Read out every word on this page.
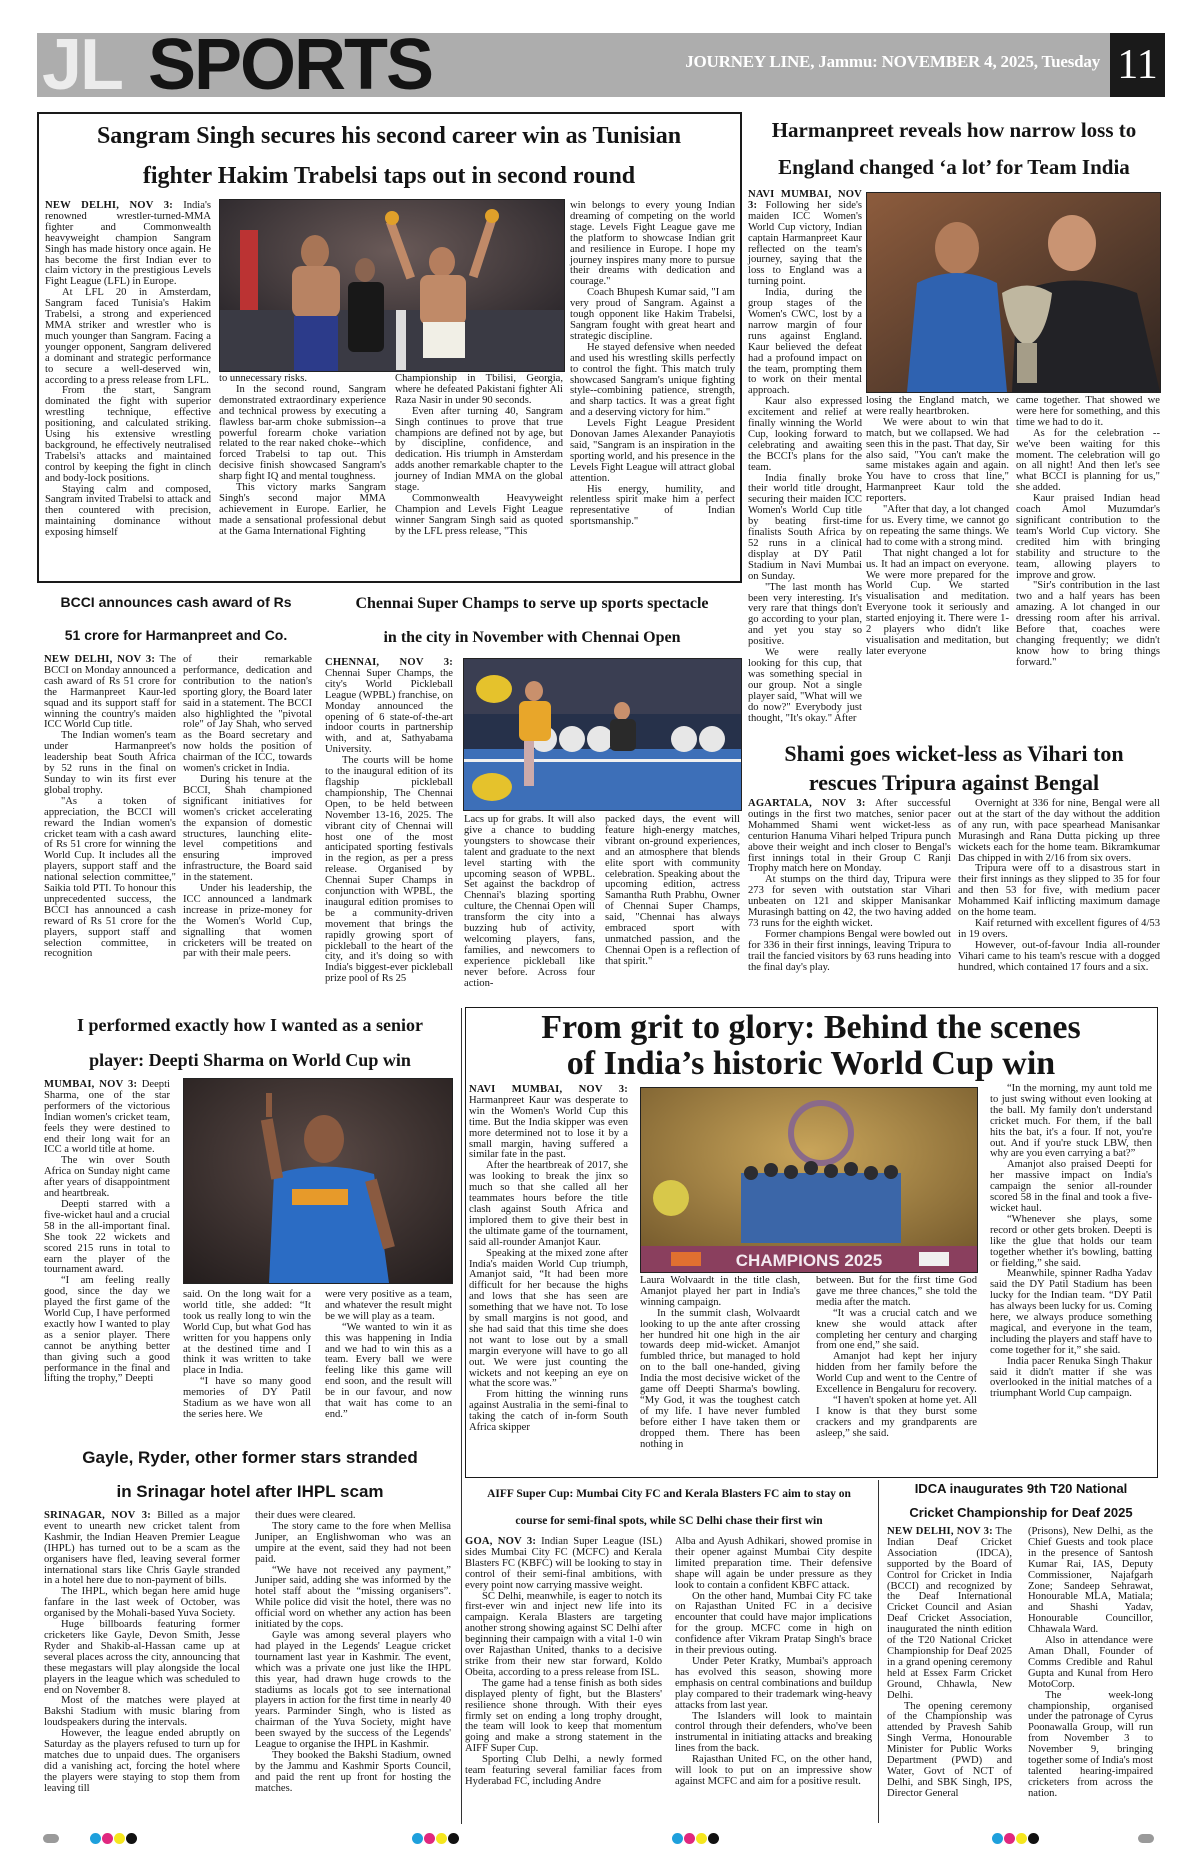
JL SPORTS	JOURNEY LINE, Jammu: NOVEMBER 4, 2025, Tuesday 11
Sangram Singh secures his second career win as Tunisian
fighter Hakim Trabelsi taps out in second round

NEW DELHI, NOV 3: India's renowned wrestler-turned-MMA fighter and Commonwealth heavyweight champion Sangram Singh has made history once again. He has become the first Indian ever to claim victory in the prestigious Levels Fight League (LFL) in Europe.

At LFL 20 in Amsterdam, Sangram faced Tunisia's Hakim Trabelsi, a strong and experienced MMA striker and wrestler who is much younger than Sangram. Facing a younger opponent, Sangram delivered a dominant and strategic performance to secure a well-deserved win, according to a press release from LFL.

From the start, Sangram dominated the fight with superior wrestling technique, effective positioning, and calculated striking. Using his extensive wrestling background, he effectively neutralised Trabelsi's attacks and maintained control by keeping the fight in clinch and body-lock positions.

Staying calm and composed, Sangram invited Trabelsi to attack and then countered with precision, maintaining dominance without exposing himself

to unnecessary risks.

In the second round, Sangram demonstrated extraordinary experience and technical prowess by executing a flawless bar-arm choke submission--a powerful forearm choke variation related to the rear naked choke--which forced Trabelsi to tap out. This decisive finish showcased Sangram's sharp fight IQ and mental toughness.

This victory marks Sangram Singh's second major MMA achievement in Europe. Earlier, he made a sensational professional debut at the Gama International Fighting

Championship in Tbilisi, Georgia, where he defeated Pakistani fighter Ali Raza Nasir in under 90 seconds.

Even after turning 40, Sangram Singh continues to prove that true champions are defined not by age, but by discipline, confidence, and dedication. His triumph in Amsterdam adds another remarkable chapter to the journey of Indian MMA on the global stage.

Commonwealth Heavyweight Champion and Levels Fight League winner Sangram Singh said as quoted by the LFL press release, "This

win belongs to every young Indian dreaming of competing on the world stage. Levels Fight League gave me the platform to showcase Indian grit and resilience in Europe. I hope my journey inspires many more to pursue their dreams with dedication and courage."

Coach Bhupesh Kumar said, "I am very proud of Sangram. Against a tough opponent like Hakim Trabelsi, Sangram fought with great heart and strategic discipline.

He stayed defensive when needed and used his wrestling skills perfectly to control the fight. This match truly showcased Sangram's unique fighting style--combining patience, strength, and sharp tactics. It was a great fight and a deserving victory for him."

Levels Fight League President Donovan James Alexander Panayiotis said, "Sangram is an inspiration in the sporting world, and his presence in the Levels Fight League will attract global attention.

His energy, humility, and relentless spirit make him a perfect representative of Indian sportsmanship."

Harmanpreet reveals how narrow loss to
England changed ‘a lot’ for Team India

NAVI MUMBAI, NOV 3: Following her side's maiden ICC Women's World Cup victory, Indian captain Harmanpreet Kaur reflected on the team's journey, saying that the loss to England was a turning point.

India, during the group stages of the Women's CWC, lost by a narrow margin of four runs against England. Kaur believed the defeat had a profound impact on the team, prompting them to work on their mental approach.

Kaur also expressed excitement and relief at finally winning the World Cup, looking forward to celebrating and awaiting the BCCI's plans for the team.

India finally broke their world title drought, securing their maiden ICC Women's World Cup title by beating first-time finalists South Africa by 52 runs in a clinical display at DY Patil Stadium in Navi Mumbai on Sunday.

"The last month has been very interesting. It's very rare that things don't go according to your plan, and yet you stay so positive.

We were really looking for this cup, that was something special in our group. Not a single player said, "What will we do now?" Everybody just thought, "It's okay." After

losing the England match, we were really heartbroken.

We were about to win that match, but we collapsed. We had seen this in the past. That day, Sir also said, "You can't make the same mistakes again and again. You have to cross that line," Harmanpreet Kaur told the reporters.

"After that day, a lot changed for us. Every time, we cannot go on repeating the same things. We had to come with a strong mind.

That night changed a lot for us. It had an impact on everyone. We were more prepared for the World Cup. We started visualisation and meditation. Everyone took it seriously and started enjoying it. There were 1-2 players who didn't like visualisation and meditation, but later everyone

came together. That showed we were here for something, and this time we had to do it.

As for the celebration -- we've been waiting for this moment. The celebration will go on all night! And then let's see what BCCI is planning for us," she added.

Kaur praised Indian head coach Amol Muzumdar's significant contribution to the team's World Cup victory. She credited him with bringing stability and structure to the team, allowing players to improve and grow.

"Sir's contribution in the last two and a half years has been amazing. A lot changed in our dressing room after his arrival. Before that, coaches were changing frequently; we didn't know how to bring things forward."

BCCI announces cash award of Rs
51 crore for Harmanpreet and Co.

NEW DELHI, NOV 3: The BCCI on Monday announced a cash award of Rs 51 crore for the Harmanpreet Kaur-led squad and its support staff for winning the country's maiden ICC World Cup title.

The Indian women's team under Harmanpreet's leadership beat South Africa by 52 runs in the final on Sunday to win its first ever global trophy.

"As a token of appreciation, the BCCI will reward the Indian women's cricket team with a cash award of Rs 51 crore for winning the World Cup. It includes all the players, support staff and the national selection committee," Saikia told PTI. To honour this unprecedented success, the BCCI has announced a cash reward of Rs 51 crore for the players, support staff and selection committee, in recognition

of their remarkable performance, dedication and contribution to the nation's sporting glory, the Board later said in a statement. The BCCI also highlighted the "pivotal role" of Jay Shah, who served as the Board secretary and now holds the position of chairman of the ICC, towards women's cricket in India.

During his tenure at the BCCI, Shah championed significant initiatives for women's cricket accelerating the expansion of domestic structures, launching elite-level competitions and ensuring improved infrastructure, the Board said in the statement.

Under his leadership, the ICC announced a landmark increase in prize-money for the Women's World Cup, signalling that women cricketers will be treated on par with their male peers.

Chennai Super Champs to serve up sports spectacle
in the city in November with Chennai Open

CHENNAI, NOV 3: Chennai Super Champs, the city's World Pickleball League (WPBL) franchise, on Monday announced the opening of 6 state-of-the-art indoor courts in partnership with, and at, Sathyabama University.

The courts will be home to the inaugural edition of its flagship pickleball championship, The Chennai Open, to be held between November 13-16, 2025. The vibrant city of Chennai will host one of the most anticipated sporting festivals in the region, as per a press release. Organised by Chennai Super Champs in conjunction with WPBL, the inaugural edition promises to be a community-driven movement that brings the rapidly growing sport of pickleball to the heart of the city, and it's doing so with India's biggest-ever pickleball prize pool of Rs 25

Lacs up for grabs. It will also give a chance to budding youngsters to showcase their talent and graduate to the next level starting with the upcoming season of WPBL. Set against the backdrop of Chennai's blazing sporting culture, the Chennai Open will transform the city into a buzzing hub of activity, welcoming players, fans, families, and newcomers to experience pickleball like never before. Across four action-

packed days, the event will feature high-energy matches, vibrant on-ground experiences, and an atmosphere that blends elite sport with community celebration. Speaking about the upcoming edition, actress Samantha Ruth Prabhu, Owner of Chennai Super Champs, said, "Chennai has always embraced sport with unmatched passion, and the Chennai Open is a reflection of that spirit."

Shami goes wicket-less as Vihari ton
rescues Tripura against Bengal

AGARTALA, NOV 3: After successful outings in the first two matches, senior pacer Mohammed Shami went wicket-less as centurion Hanuma Vihari helped Tripura punch above their weight and inch closer to Bengal's first innings total in their Group C Ranji Trophy match here on Monday.

At stumps on the third day, Tripura were 273 for seven with outstation star Vihari unbeaten on 121 and skipper Manisankar Murasingh batting on 42, the two having added 73 runs for the eighth wicket.

Former champions Bengal were bowled out for 336 in their first innings, leaving Tripura to trail the fancied visitors by 63 runs heading into the final day's play.

Overnight at 336 for nine, Bengal were all out at the start of the day without the addition of any run, with pace spearhead Manisankar Murasingh and Rana Dutta picking up three wickets each for the home team. Bikramkumar Das chipped in with 2/16 from six overs.

Tripura were off to a disastrous start in their first innings as they slipped to 35 for four and then 53 for five, with medium pacer Mohammed Kaif inflicting maximum damage on the home team.

Kaif returned with excellent figures of 4/53 in 19 overs.

However, out-of-favour India all-rounder Vihari came to his team's rescue with a dogged hundred, which contained 17 fours and a six.

I performed exactly how I wanted as a senior
player: Deepti Sharma on World Cup win

MUMBAI, NOV 3: Deepti Sharma, one of the star performers of the victorious Indian women's cricket team, feels they were destined to end their long wait for an ICC a world title at home.

The win over South Africa on Sunday night came after years of disappointment and heartbreak.

Deepti starred with a five-wicket haul and a crucial 58 in the all-important final. She took 22 wickets and scored 215 runs in total to earn the player of the tournament award.

“I am feeling really good, since the day we played the first game of the World Cup, I have performed exactly how I wanted to play as a senior player. There cannot be anything better than giving such a good performance in the final and lifting the trophy,” Deepti

said. On the long wait for a world title, she added: “It took us really long to win the World Cup, but what God has written for you happens only at the destined time and I think it was written to take place in India.

“I have so many good memories of DY Patil Stadium as we have won all the series here. We

were very positive as a team, and whatever the result might be we will play as a team.

“We wanted to win it as this was happening in India and we had to win this as a team. Every ball we were feeling like this game will end soon, and the result will be in our favour, and now that wait has come to an end.”

From grit to glory: Behind the scenes
of India’s historic World Cup win

NAVI MUMBAI, NOV 3: Harmanpreet Kaur was desperate to win the Women's World Cup this time. But the India skipper was even more determined not to lose it by a small margin, having suffered a similar fate in the past.

After the heartbreak of 2017, she was looking to break the jinx so much so that she called all her teammates hours before the title clash against South Africa and implored them to give their best in the ultimate game of the tournament, said all-rounder Amanjot Kaur.

Speaking at the mixed zone after India's maiden World Cup triumph, Amanjot said, “It had been more difficult for her because the highs and lows that she has seen are something that we have not. To lose by small margins is not good, and she had said that this time she does not want to lose out by a small margin everyone will have to go all out. We were just counting the wickets and not keeping an eye on what the score was.”

From hitting the winning runs against Australia in the semi-final to taking the catch of in-form South Africa skipper

CHAMPIONS 2025

Laura Wolvaardt in the title clash, Amanjot played her part in India's winning campaign.

In the summit clash, Wolvaardt looking to up the ante after crossing her hundred hit one high in the air towards deep mid-wicket. Amanjot fumbled thrice, but managed to hold on to the ball one-handed, giving India the most decisive wicket of the game off Deepti Sharma's bowling. “My God, it was the toughest catch of my life. I have never fumbled before either I have taken them or dropped them. There has been nothing in

between. But for the first time God gave me three chances,” she told the media after the match.

“It was a crucial catch and we knew she would attack after completing her century and charging from one end,” she said.

Amanjot had kept her injury hidden from her family before the World Cup and went to the Centre of Excellence in Bengaluru for recovery.

“I haven't spoken at home yet. All I know is that they burst some crackers and my grandparents are asleep,” she said.

“In the morning, my aunt told me to just swing without even looking at the ball. My family don't understand cricket much. For them, if the ball hits the bat, it's a four. If not, you're out. And if you're stuck LBW, then why are you even carrying a bat?”

Amanjot also praised Deepti for her massive impact on India's campaign the senior all-rounder scored 58 in the final and took a five-wicket haul.

“Whenever she plays, some record or other gets broken. Deepti is like the glue that holds our team together whether it's bowling, batting or fielding,” she said.

Meanwhile, spinner Radha Yadav said the DY Patil Stadium has been lucky for the Indian team. “DY Patil has always been lucky for us. Coming here, we always produce something magical, and everyone in the team, including the players and staff have to come together for it,” she said.

India pacer Renuka Singh Thakur said it didn't matter if she was overlooked in the initial matches of a triumphant World Cup campaign.

Gayle, Ryder, other former stars stranded
in Srinagar hotel after IHPL scam

SRINAGAR, NOV 3: Billed as a major event to unearth new cricket talent from Kashmir, the Indian Heaven Premier League (IHPL) has turned out to be a scam as the organisers have fled, leaving several former international stars like Chris Gayle stranded in a hotel here due to non-payment of bills.

The IHPL, which began here amid huge fanfare in the last week of October, was organised by the Mohali-based Yuva Society.

Huge billboards featuring former cricketers like Gayle, Devon Smith, Jesse Ryder and Shakib-al-Hassan came up at several places across the city, announcing that these megastars will play alongside the local players in the league which was scheduled to end on November 8.

Most of the matches were played at Bakshi Stadium with music blaring from loudspeakers during the intervals.

However, the league ended abruptly on Saturday as the players refused to turn up for matches due to unpaid dues. The organisers did a vanishing act, forcing the hotel where the players were staying to stop them from leaving till

their dues were cleared.

The story came to the fore when Mellisa Juniper, an Englishwoman who was an umpire at the event, said they had not been paid.

“We have not received any payment,” Juniper said, adding she was informed by the hotel staff about the “missing organisers”. While police did visit the hotel, there was no official word on whether any action has been initiated by the cops.

Gayle was among several players who had played in the Legends' League cricket tournament last year in Kashmir. The event, which was a private one just like the IHPL this year, had drawn huge crowds to the stadiums as locals got to see international players in action for the first time in nearly 40 years. Parminder Singh, who is listed as chairman of the Yuva Society, might have been swayed by the success of the Legends' League to organise the IHPL in Kashmir.

They booked the Bakshi Stadium, owned by the Jammu and Kashmir Sports Council, and paid the rent up front for hosting the matches.

AIFF Super Cup: Mumbai City FC and Kerala Blasters FC aim to stay on
course for semi-final spots, while SC Delhi chase their first win

GOA, NOV 3: Indian Super League (ISL) sides Mumbai City FC (MCFC) and Kerala Blasters FC (KBFC) will be looking to stay in control of their semi-final ambitions, with every point now carrying massive weight.

SC Delhi, meanwhile, is eager to notch its first-ever win and inject new life into its campaign. Kerala Blasters are targeting another strong showing against SC Delhi after beginning their campaign with a vital 1-0 win over Rajasthan United, thanks to a decisive strike from their new star forward, Koldo Obeita, according to a press release from ISL.

The game had a tense finish as both sides displayed plenty of fight, but the Blasters' resilience shone through. With their eyes firmly set on ending a long trophy drought, the team will look to keep that momentum going and make a strong statement in the AIFF Super Cup.

Sporting Club Delhi, a newly formed team featuring several familiar faces from Hyderabad FC, including Andre

Alba and Ayush Adhikari, showed promise in their opener against Mumbai City despite limited preparation time. Their defensive shape will again be under pressure as they look to contain a confident KBFC attack.

On the other hand, Mumbai City FC take on Rajasthan United FC in a decisive encounter that could have major implications for the group. MCFC come in high on confidence after Vikram Pratap Singh's brace in their previous outing.

Under Peter Kratky, Mumbai's approach has evolved this season, showing more emphasis on central combinations and buildup play compared to their trademark wing-heavy attacks from last year.

The Islanders will look to maintain control through their defenders, who've been instrumental in initiating attacks and breaking lines from the back.

Rajasthan United FC, on the other hand, will look to put on an impressive show against MCFC and aim for a positive result.

IDCA inaugurates 9th T20 National
Cricket Championship for Deaf 2025

NEW DELHI, NOV 3: The Indian Deaf Cricket Association (IDCA), supported by the Board of Control for Cricket in India (BCCI) and recognized by the Deaf International Cricket Council and Asian Deaf Cricket Association, inaugurated the ninth edition of the T20 National Cricket Championship for Deaf 2025 in a grand opening ceremony held at Essex Farm Cricket Ground, Chhawla, New Delhi.

The opening ceremony of the Championship was attended by Pravesh Sahib Singh Verma, Honourable Minister for Public Works Department (PWD) and Water, Govt of NCT of Delhi, and SBK Singh, IPS, Director General

(Prisons), New Delhi, as the Chief Guests and took place in the presence of Santosh Kumar Rai, IAS, Deputy Commissioner, Najafgarh Zone; Sandeep Sehrawat, Honourable MLA, Matiala; and Shashi Yadav, Honourable Councillor, Chhawala Ward.

Also in attendance were Aman Dhall, Founder of Comms Credible and Rahul Gupta and Kunal from Hero MotoCorp.

The week-long championship, organised under the patronage of Cyrus Poonawalla Group, will run from November 3 to November 9, bringing together some of India's most talented hearing-impaired cricketers from across the nation.
